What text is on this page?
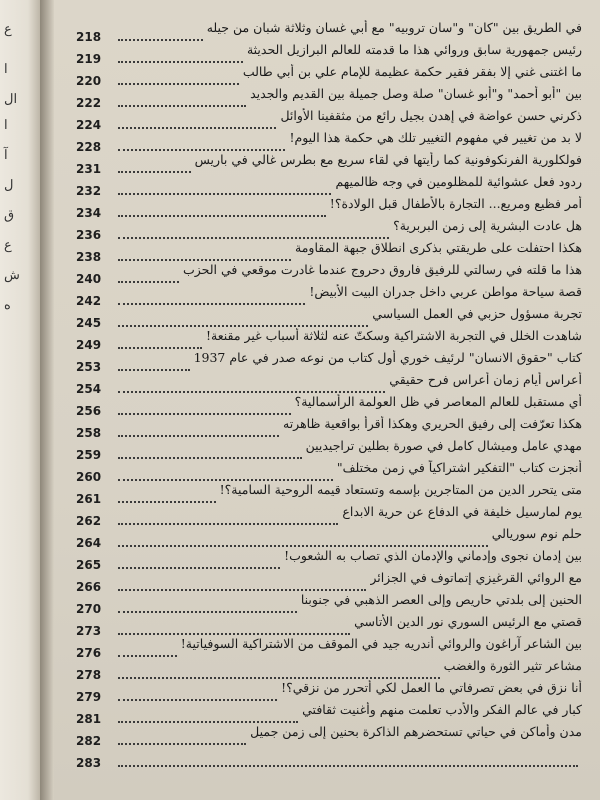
ع
ا
ال
ا
آ
ل
ق
ع
ش
ه
218
في الطريق بين "كان" و"سان تروبيه" مع أبي غسان وثلاثة شبان من جيله
219
رئيس جمهورية سابق وروائي هذا ما قدمته للعالم البرازيل الحديثة
220
ما اغتنى غني إلا بفقر فقير حكمة عظيمة للإمام علي بن أبي طالب
222
بين "أبو أحمد" و"أبو غسان" صلة وصل جميلة بين القديم والجديد
224
ذكرني حسن عواضة في إهدن بجيل رائع من مثقفينا الأوائل
228
لا بد من تغيير في مفهوم التغيير تلك هي حكمة هذا اليوم!
231
فولكلورية الفرنكوفونية كما رأيتها في لقاء سريع مع بطرس غالي في باريس
232
ردود فعل عشوائية للمظلومين في وجه ظالميهم
234
أمر فظيع ومريع... التجارة بالأطفال قبل الولادة؟!
236
هل عادت البشرية إلى زمن البربرية؟
238
هكذا احتفلت على طريقتي بذكرى انطلاق جبهة المقاومة
240
هذا ما قلته في رسالتي للرفيق فاروق دحروج عندما غادرت موقعي في الحزب
242
قصة سياحة مواطن عربي داخل جدران البيت الأبيض!
245
تجربة مسؤول حزبي في العمل السياسي
249
شاهدت الخلل في التجربة الاشتراكية وسكتّ عنه لثلاثة أسباب غير مقنعة!
253
كتاب "حقوق الانسان" لرئيف خوري أول كتاب من نوعه صدر في عام 1937
254
أعراس أيام زمان أعراس فرح حقيقي
256
أي مستقبل للعالم المعاصر في ظل العولمة الرأسمالية؟
258
هكذا تعرّفت إلى رفيق الحريري وهكذا أقرأ بواقعية ظاهرته
259
مهدي عامل وميشال كامل في صورة بطلين تراجيديين
260
أنجزت كتاب "التفكير اشتراكياً في زمن مختلف"
261
متى يتحرر الدين من المتاجرين بإسمه وتستعاد قيمه الروحية السامية؟!
262
يوم لمارسيل خليفة في الدفاع عن حرية الابداع
264
حلم نوم سوريالي
265
بين إدمان نجوى وإدماني والإدمان الذي تصاب به الشعوب!
266
مع الروائي القرغيزي إتماتوف في الجزائر
270
الحنين إلى بلدتي حاريص وإلى العصر الذهبي في جنوبنا
273
قصتي مع الرئيس السوري نور الدين الأتاسي
276
بين الشاعر آراغون والروائي أندريه جيد في الموقف من الاشتراكية السوفياتية!
278
مشاعر تثير الثورة والغضب
279
أنا نزق في بعض تصرفاتي ما العمل لكي أتحرر من نزقي؟!
281
كبار في عالم الفكر والأدب تعلمت منهم وأغنيت ثقافتي
282
مدن وأماكن في حياتي تستحضرهم الذاكرة بحنين إلى زمن جميل
283
